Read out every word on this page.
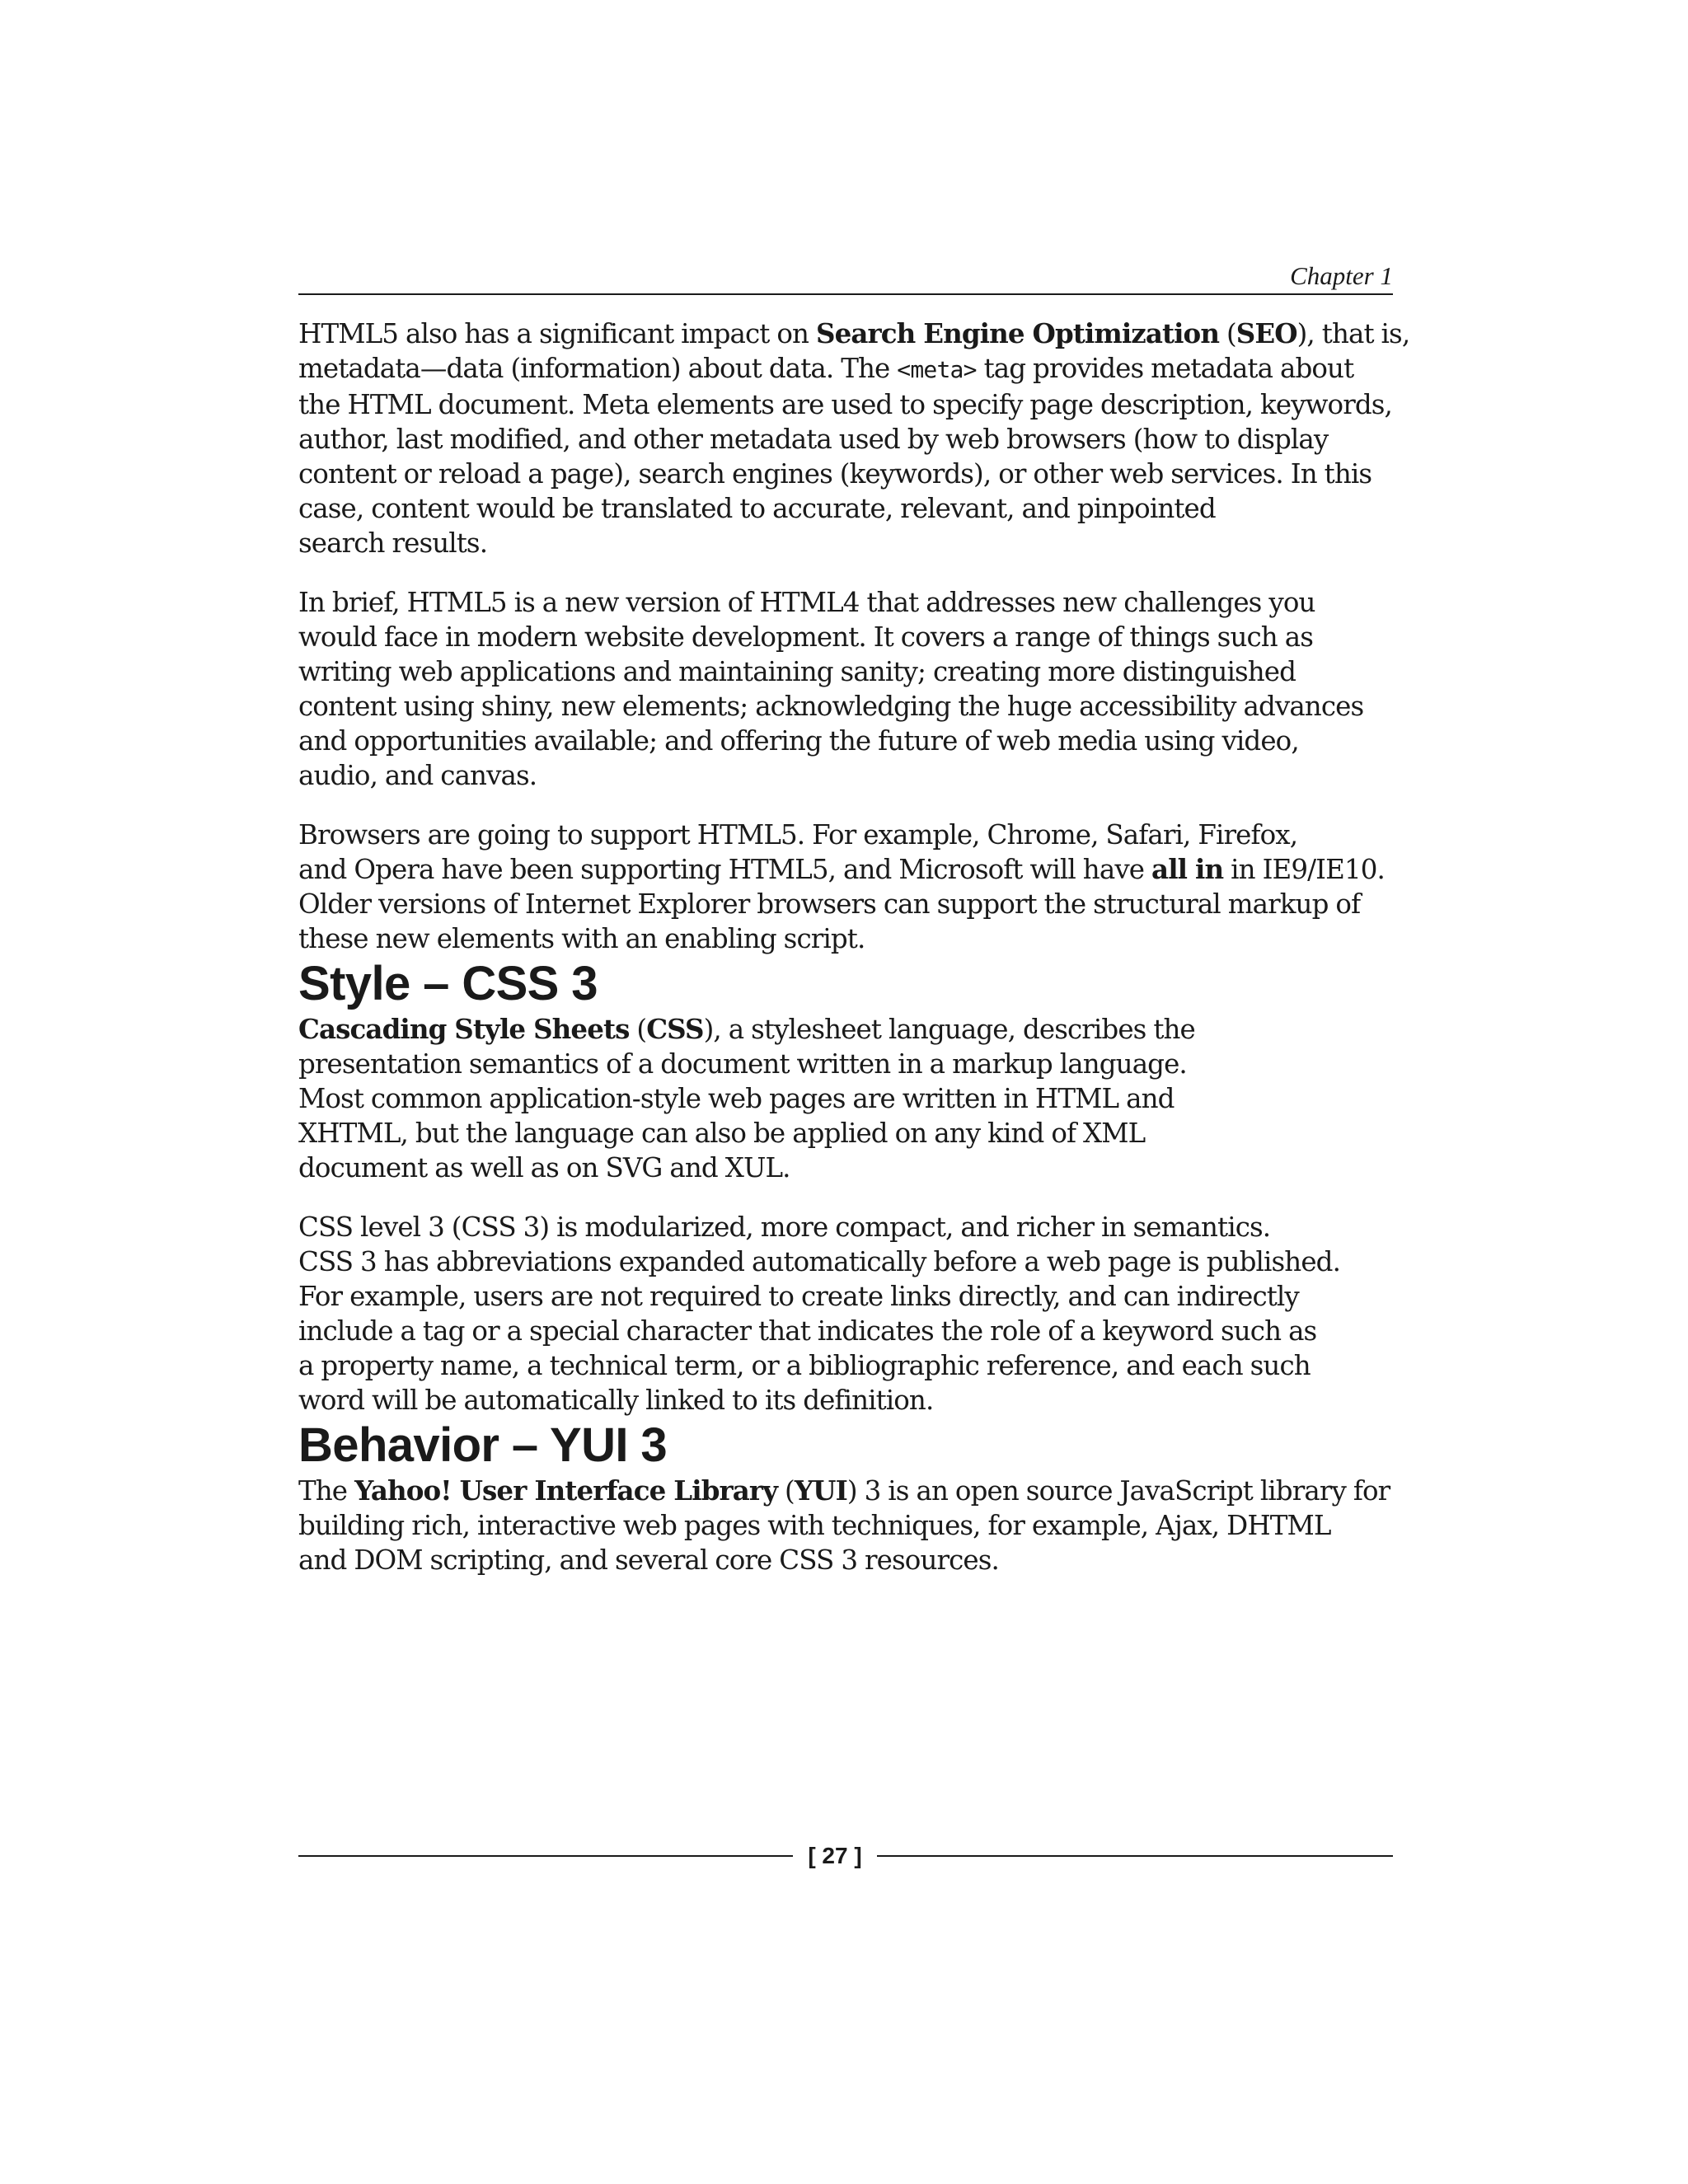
Chapter 1

HTML5 also has a significant impact on Search Engine Optimization (SEO), that is,
metadata—data (information) about data. The <meta> tag provides metadata about
the HTML document. Meta elements are used to specify page description, keywords,
author, last modified, and other metadata used by web browsers (how to display
content or reload a page), search engines (keywords), or other web services. In this
case, content would be translated to accurate, relevant, and pinpointed
search results.

In brief, HTML5 is a new version of HTML4 that addresses new challenges you
would face in modern website development. It covers a range of things such as
writing web applications and maintaining sanity; creating more distinguished
content using shiny, new elements; acknowledging the huge accessibility advances
and opportunities available; and offering the future of web media using video,
audio, and canvas.

Browsers are going to support HTML5. For example, Chrome, Safari, Firefox,
and Opera have been supporting HTML5, and Microsoft will have all in in IE9/IE10.
Older versions of Internet Explorer browsers can support the structural markup of
these new elements with an enabling script.

Style – CSS 3

Cascading Style Sheets (CSS), a stylesheet language, describes the
presentation semantics of a document written in a markup language.
Most common application-style web pages are written in HTML and
XHTML, but the language can also be applied on any kind of XML
document as well as on SVG and XUL.

CSS level 3 (CSS 3) is modularized, more compact, and richer in semantics.
CSS 3 has abbreviations expanded automatically before a web page is published.
For example, users are not required to create links directly, and can indirectly
include a tag or a special character that indicates the role of a keyword such as
a property name, a technical term, or a bibliographic reference, and each such
word will be automatically linked to its definition.

Behavior – YUI 3

The Yahoo! User Interface Library (YUI) 3 is an open source JavaScript library for
building rich, interactive web pages with techniques, for example, Ajax, DHTML
and DOM scripting, and several core CSS 3 resources.

[ 27 ]
